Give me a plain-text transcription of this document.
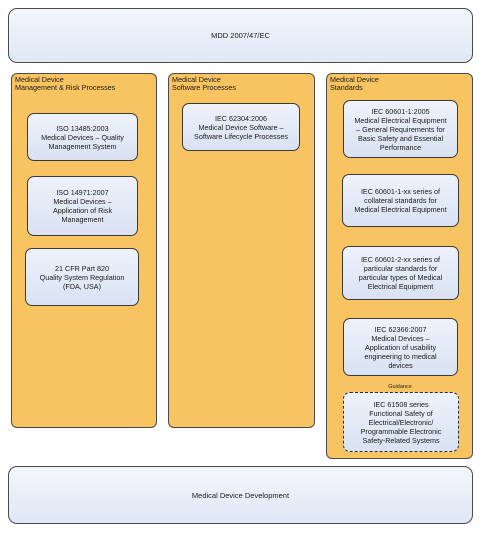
MDD 2007/47/EC
Medical Device
Management & Risk Processes
ISO 13485:2003
Medical Devices – Quality
Management System
ISO 14971:2007
Medical Devices –
Application of Risk
Management
21 CFR Part 820
Quality System Regulation
(FDA, USA)
Medical Device
Software Processes
IEC 62304:2006
Medical Device Software –
Software Lifecycle Processes
Medical Device
Standards
IEC 60601-1:2005
Medical Electrical Equipment
– General Requirements for
Basic Safety and Essential
Performance
IEC 60601-1-xx series of
collateral standards for
Medical Electrical Equipment
IEC 60601-2-xx series of
particular standards for
particular types of Medical
Electrical Equipment
IEC 62366:2007
Medical Devices –
Application of usability
engineering to medical
devices
Guidance
IEC 61508 series
Functional Safety of
Electrical/Electronic/
Programmable Electronic
Safety-Related Systems
Medical Device Development
